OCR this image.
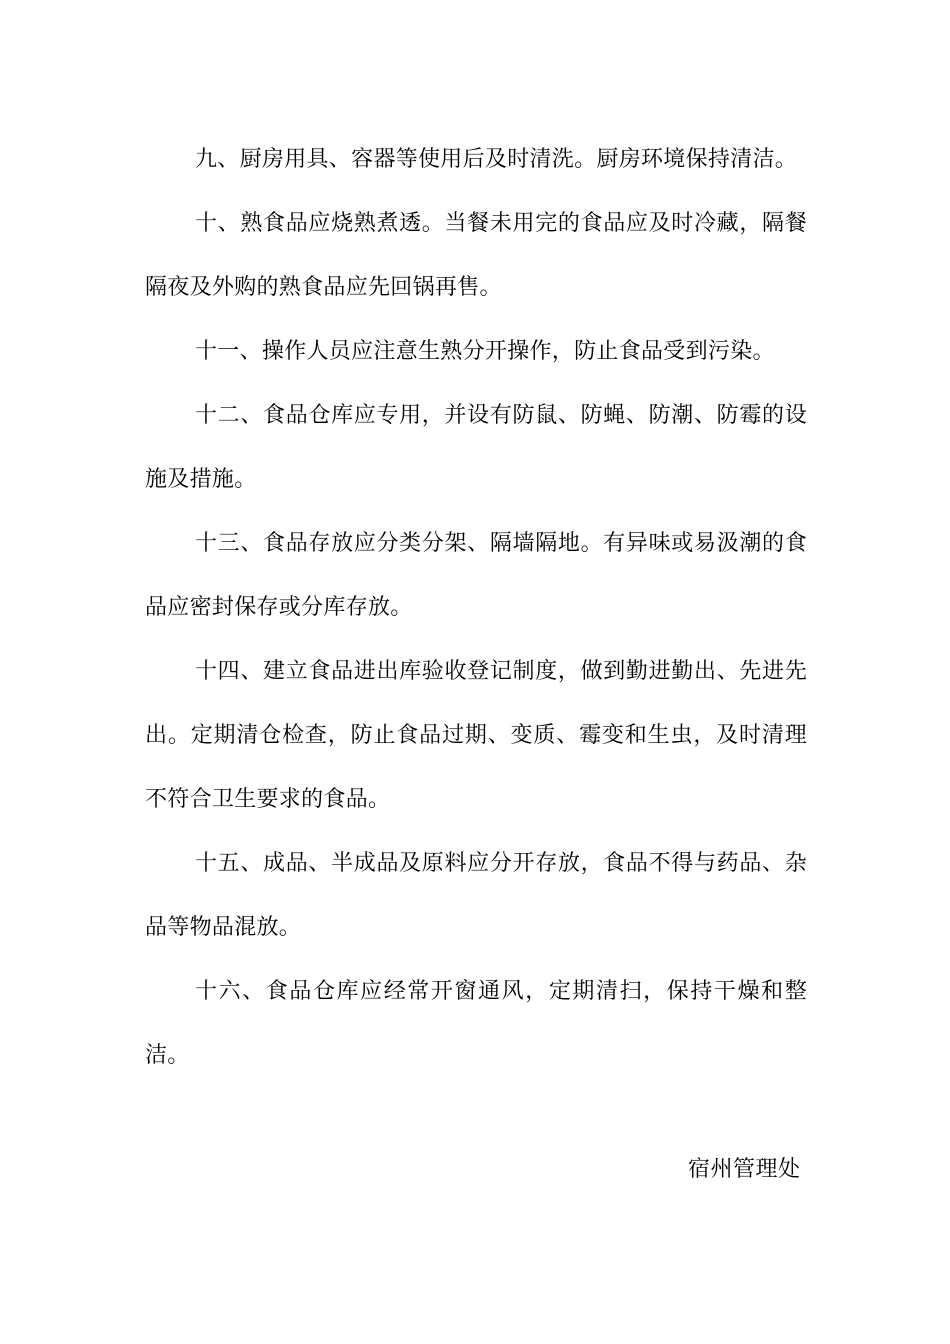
九、厨房用具、容器等使用后及时清洗。厨房环境保持清洁。

十、熟食品应烧熟煮透。当餐未用完的食品应及时冷藏，隔餐隔夜及外购的熟食品应先回锅再售。

十一、操作人员应注意生熟分开操作，防止食品受到污染。

十二、食品仓库应专用，并设有防鼠、防蝇、防潮、防霉的设施及措施。

十三、食品存放应分类分架、隔墙隔地。有异味或易汲潮的食品应密封保存或分库存放。

十四、建立食品进出库验收登记制度，做到勤进勤出、先进先出。定期清仓检查，防止食品过期、变质、霉变和生虫，及时清理不符合卫生要求的食品。

十五、成品、半成品及原料应分开存放，食品不得与药品、杂品等物品混放。

十六、食品仓库应经常开窗通风，定期清扫，保持干燥和整洁。

宿州管理处
